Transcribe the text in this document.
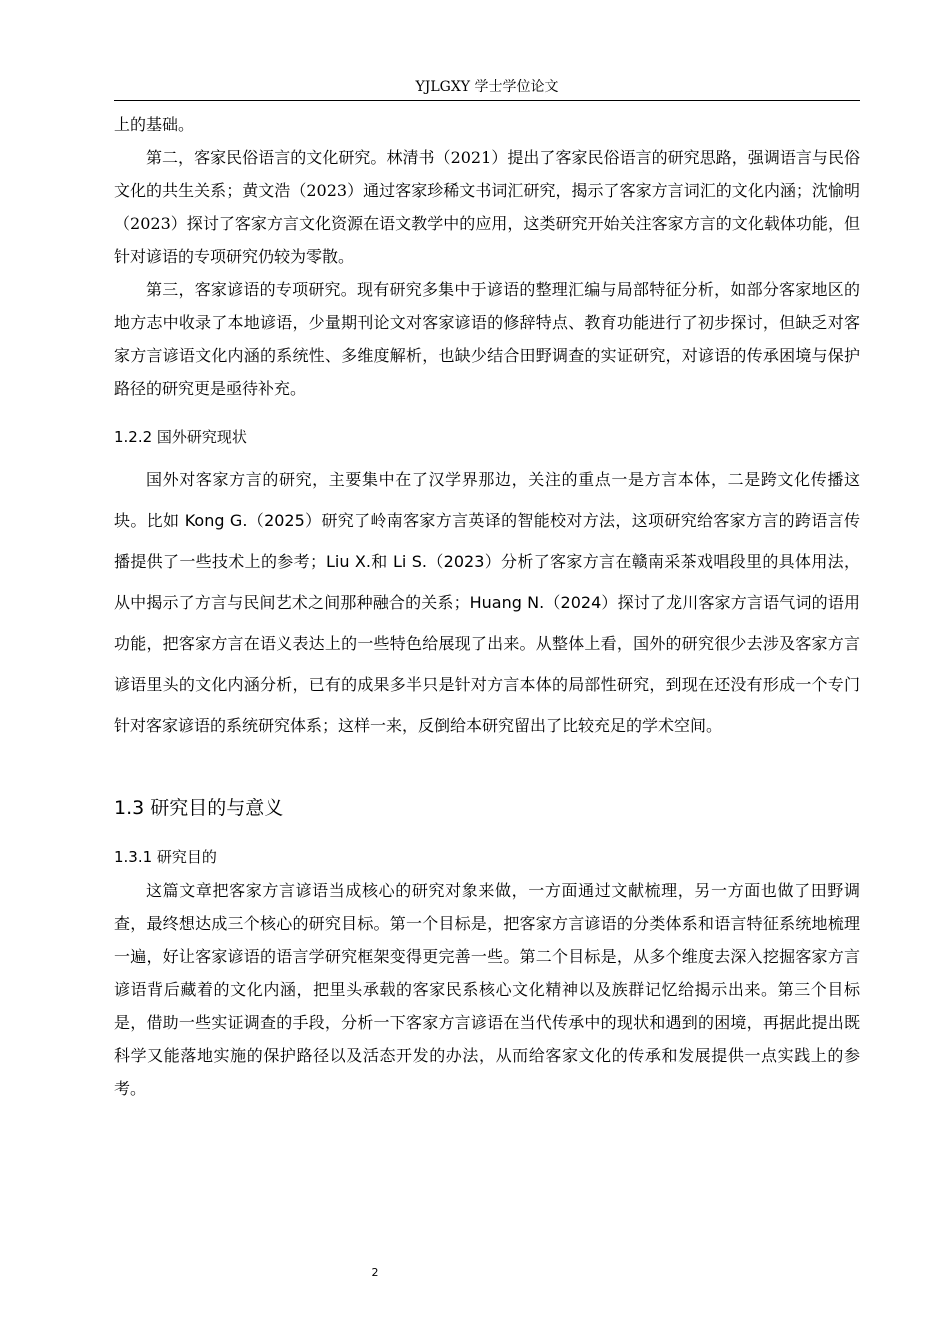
YJLGXY 学士学位论文

上的基础。

第二，客家民俗语言的文化研究。林清书（2021）提出了客家民俗语言的研究思路，强调语言与民俗文化的共生关系；黄文浩（2023）通过客家珍稀文书词汇研究，揭示了客家方言词汇的文化内涵；沈愉明（2023）探讨了客家方言文化资源在语文教学中的应用，这类研究开始关注客家方言的文化载体功能，但针对谚语的专项研究仍较为零散。

第三，客家谚语的专项研究。现有研究多集中于谚语的整理汇编与局部特征分析，如部分客家地区的地方志中收录了本地谚语，少量期刊论文对客家谚语的修辞特点、教育功能进行了初步探讨，但缺乏对客家方言谚语文化内涵的系统性、多维度解析，也缺少结合田野调查的实证研究，对谚语的传承困境与保护路径的研究更是亟待补充。

1.2.2 国外研究现状

国外对客家方言的研究，主要集中在了汉学界那边，关注的重点一是方言本体，二是跨文化传播这块。比如 Kong G.（2025）研究了岭南客家方言英译的智能校对方法，这项研究给客家方言的跨语言传播提供了一些技术上的参考；Liu X.和 Li S.（2023）分析了客家方言在赣南采茶戏唱段里的具体用法，从中揭示了方言与民间艺术之间那种融合的关系；Huang N.（2024）探讨了龙川客家方言语气词的语用功能，把客家方言在语义表达上的一些特色给展现了出来。从整体上看，国外的研究很少去涉及客家方言谚语里头的文化内涵分析，已有的成果多半只是针对方言本体的局部性研究，到现在还没有形成一个专门针对客家谚语的系统研究体系；这样一来，反倒给本研究留出了比较充足的学术空间。

1.3 研究目的与意义
1.3.1 研究目的

这篇文章把客家方言谚语当成核心的研究对象来做，一方面通过文献梳理，另一方面也做了田野调查，最终想达成三个核心的研究目标。第一个目标是，把客家方言谚语的分类体系和语言特征系统地梳理一遍，好让客家谚语的语言学研究框架变得更完善一些。第二个目标是，从多个维度去深入挖掘客家方言谚语背后藏着的文化内涵，把里头承载的客家民系核心文化精神以及族群记忆给揭示出来。第三个目标是，借助一些实证调查的手段，分析一下客家方言谚语在当代传承中的现状和遇到的困境，再据此提出既科学又能落地实施的保护路径以及活态开发的办法，从而给客家文化的传承和发展提供一点实践上的参考。

2
